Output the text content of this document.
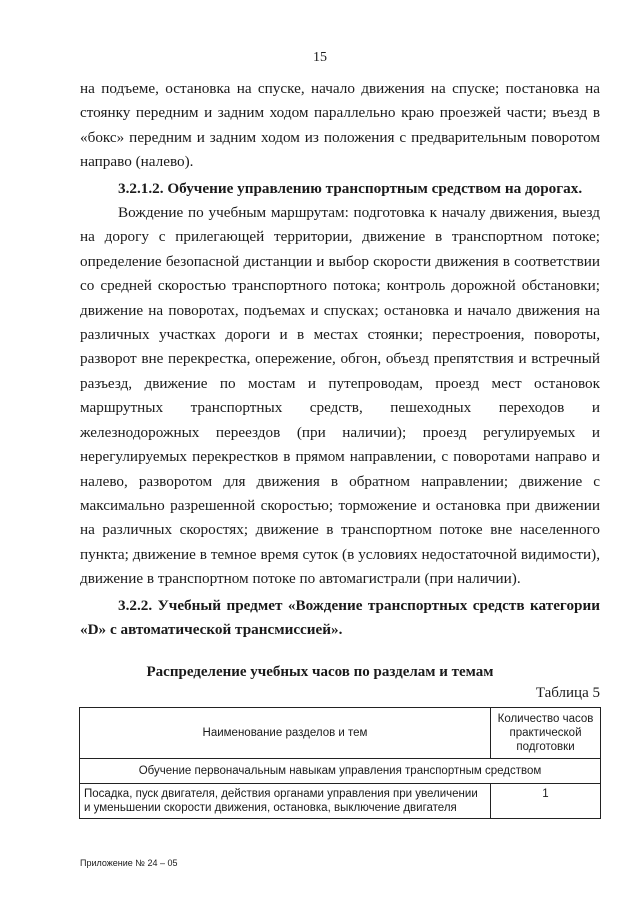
15

на подъеме, остановка на спуске, начало движения на спуске; постановка на стоянку передним и задним ходом параллельно краю проезжей части; въезд в «бокс» передним и задним ходом из положения с предварительным поворотом направо (налево).

3.2.1.2. Обучение управлению транспортным средством на дорогах.

Вождение по учебным маршрутам: подготовка к началу движения, выезд на дорогу с прилегающей территории, движение в транспортном потоке; определение безопасной дистанции и выбор скорости движения в соответствии со средней скоростью транспортного потока; контроль дорожной обстановки; движение на поворотах, подъемах и спусках; остановка и начало движения на различных участках дороги и в местах стоянки; перестроения, повороты, разворот вне перекрестка, опережение, обгон, объезд препятствия и встречный разъезд, движение по мостам и путепроводам, проезд мест остановок маршрутных транспортных средств, пешеходных переходов и железнодорожных переездов (при наличии); проезд регулируемых и нерегулируемых перекрестков в прямом направлении, с поворотами направо и налево, разворотом для движения в обратном направлении; движение с максимально разрешенной скоростью; торможение и остановка при движении на различных скоростях; движение в транспортном потоке вне населенного пункта; движение в темное время суток (в условиях недостаточной видимости), движение в транспортном потоке по автомагистрали (при наличии).

3.2.2. Учебный предмет «Вождение транспортных средств категории «D» с автоматической трансмиссией».

Распределение учебных часов по разделам и темам
Таблица 5
Наименование разделов и тем	Количество часов практической подготовки
Обучение первоначальным навыкам управления транспортным средством	
Посадка, пуск двигателя, действия органами управления при увеличении и уменьшении скорости движения, остановка, выключение двигателя	1
Приложение № 24 – 05
